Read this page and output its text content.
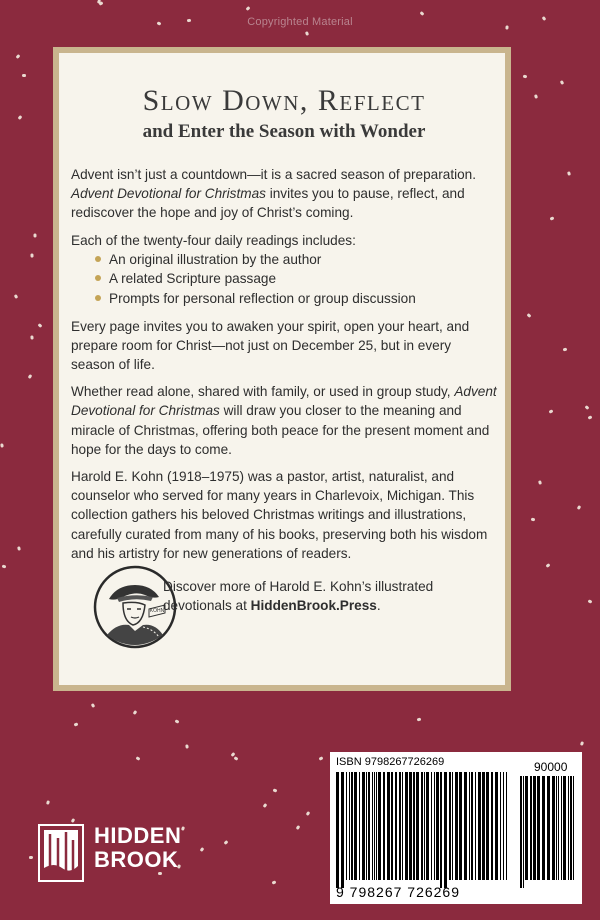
Copyrighted Material
Slow Down, Reflect
and Enter the Season with Wonder

Advent isn’t just a countdown—it is a sacred season of preparation. Advent Devotional for Christmas invites you to pause, reflect, and rediscover the hope and joy of Christ’s coming.

Each of the twenty-four daily readings includes:

An original illustration by the author
A related Scripture passage
Prompts for personal reflection or group discussion

Every page invites you to awaken your spirit, open your heart, and prepare room for Christ—not just on December 25, but in every season of life.

Whether read alone, shared with family, or used in group study, Advent Devotional for Christmas will draw you closer to the meaning and miracle of Christmas, offering both peace for the present moment and hope for the days to come.

Harold E. Kohn (1918–1975) was a pastor, artist, naturalist, and counselor who served for many years in Charlevoix, Michigan. This collection gathers his beloved Christmas writings and illustrations, carefully curated from many of his books, preserving both his wisdom and his artistry for new generations of readers.

KOHN

Discover more of Harold E. Kohn’s illustrated devotionals at HiddenBrook.Press.

ISBN 9798267726269	90000
9 798267 726269
HIDDEN
BROOK
